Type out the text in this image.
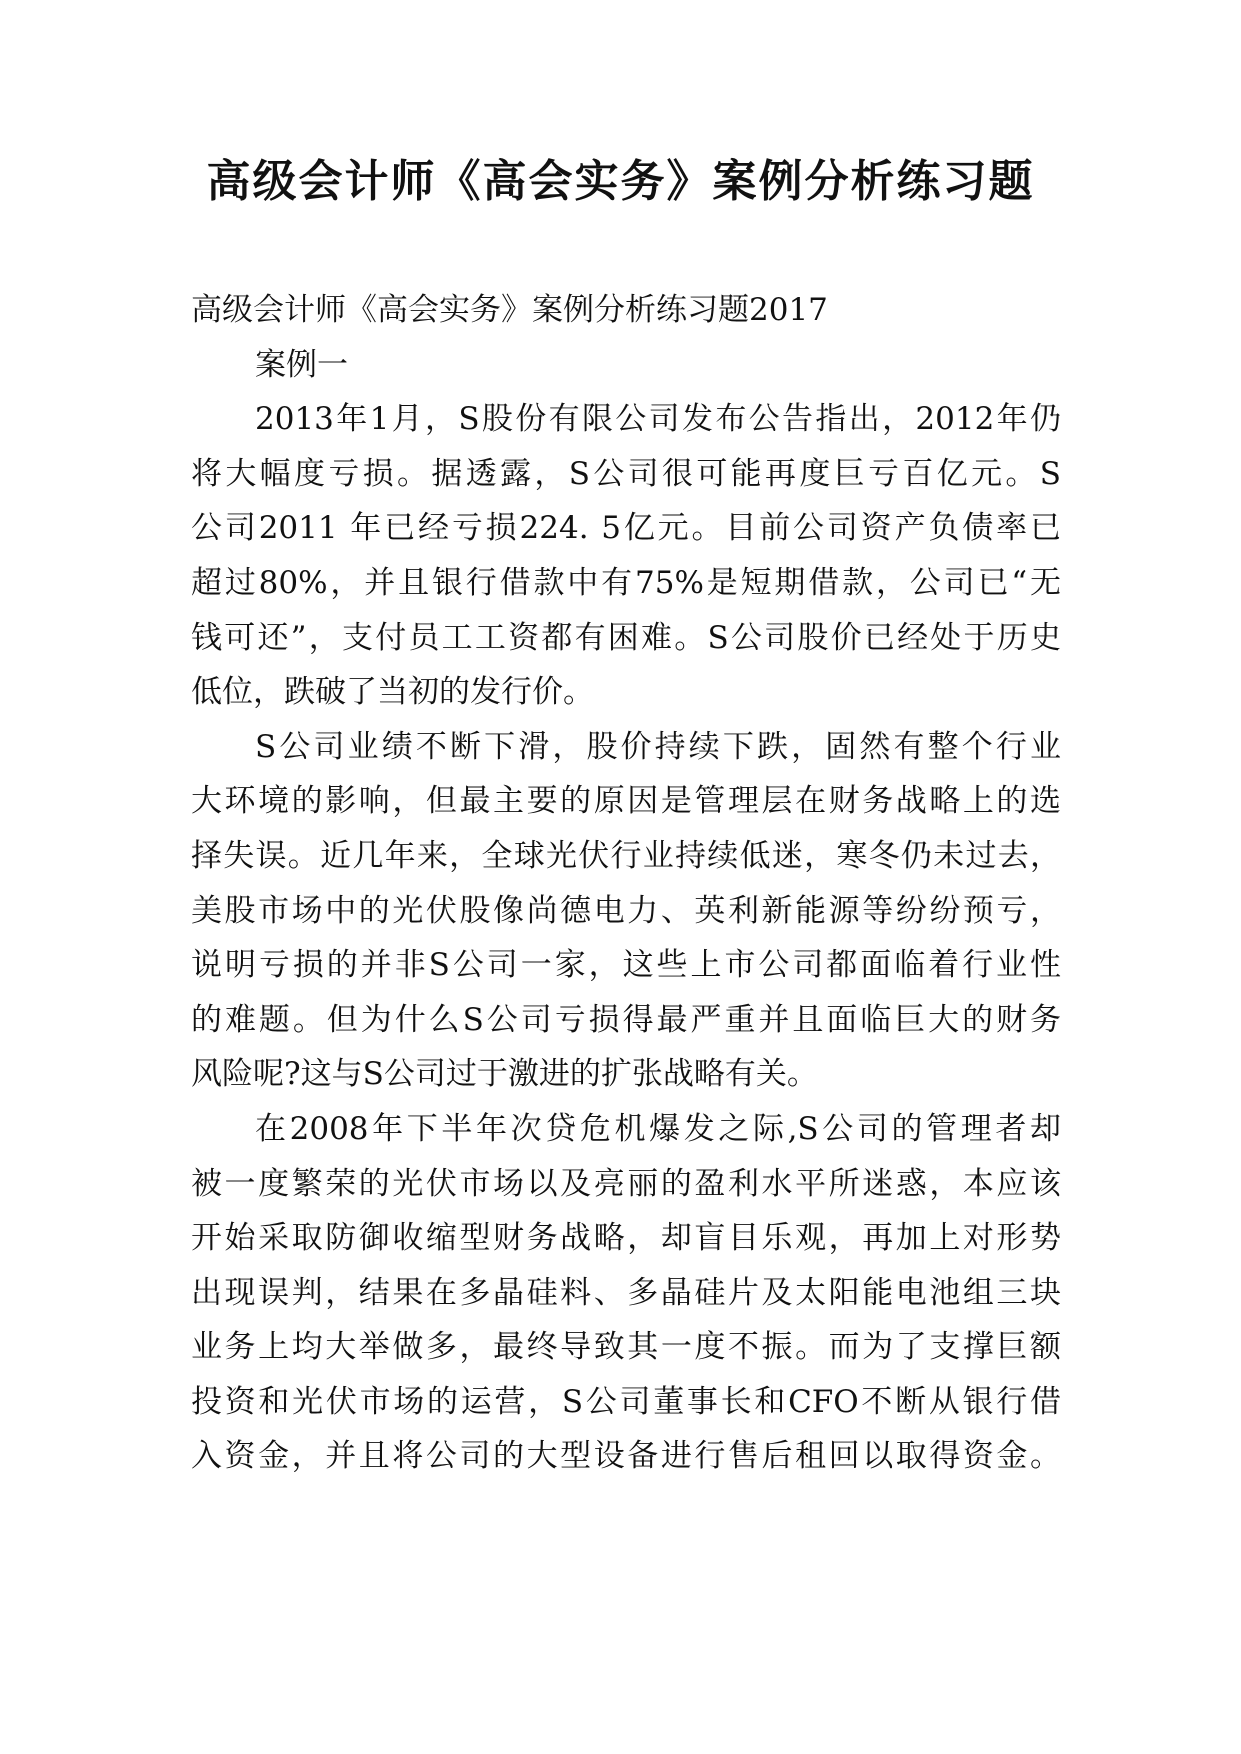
高级会计师《高会实务》案例分析练习题
高级会计师《高会实务》案例分析练习题2017
案例一
2013年1月，S股份有限公司发布公告指出，2012年仍
将大幅度亏损。据透露，S公司很可能再度巨亏百亿元。S
公司2011 年已经亏损224. 5亿元。目前公司资产负债率已
超过80%，并且银行借款中有75%是短期借款，公司已“无
钱可还”，支付员工工资都有困难。S公司股价已经处于历史
低位，跌破了当初的发行价。
S公司业绩不断下滑，股价持续下跌，固然有整个行业
大环境的影响，但最主要的原因是管理层在财务战略上的选
择失误。近几年来，全球光伏行业持续低迷，寒冬仍未过去，
美股市场中的光伏股像尚德电力、英利新能源等纷纷预亏，
说明亏损的并非S公司一家，这些上市公司都面临着行业性
的难题。但为什么S公司亏损得最严重并且面临巨大的财务
风险呢?这与S公司过于激进的扩张战略有关。
在2008年下半年次贷危机爆发之际,S公司的管理者却
被一度繁荣的光伏市场以及亮丽的盈利水平所迷惑，本应该
开始采取防御收缩型财务战略，却盲目乐观，再加上对形势
出现误判，结果在多晶硅料、多晶硅片及太阳能电池组三块
业务上均大举做多，最终导致其一度不振。而为了支撑巨额
投资和光伏市场的运营，S公司董事长和CFO不断从银行借
入资金，并且将公司的大型设备进行售后租回以取得资金。
